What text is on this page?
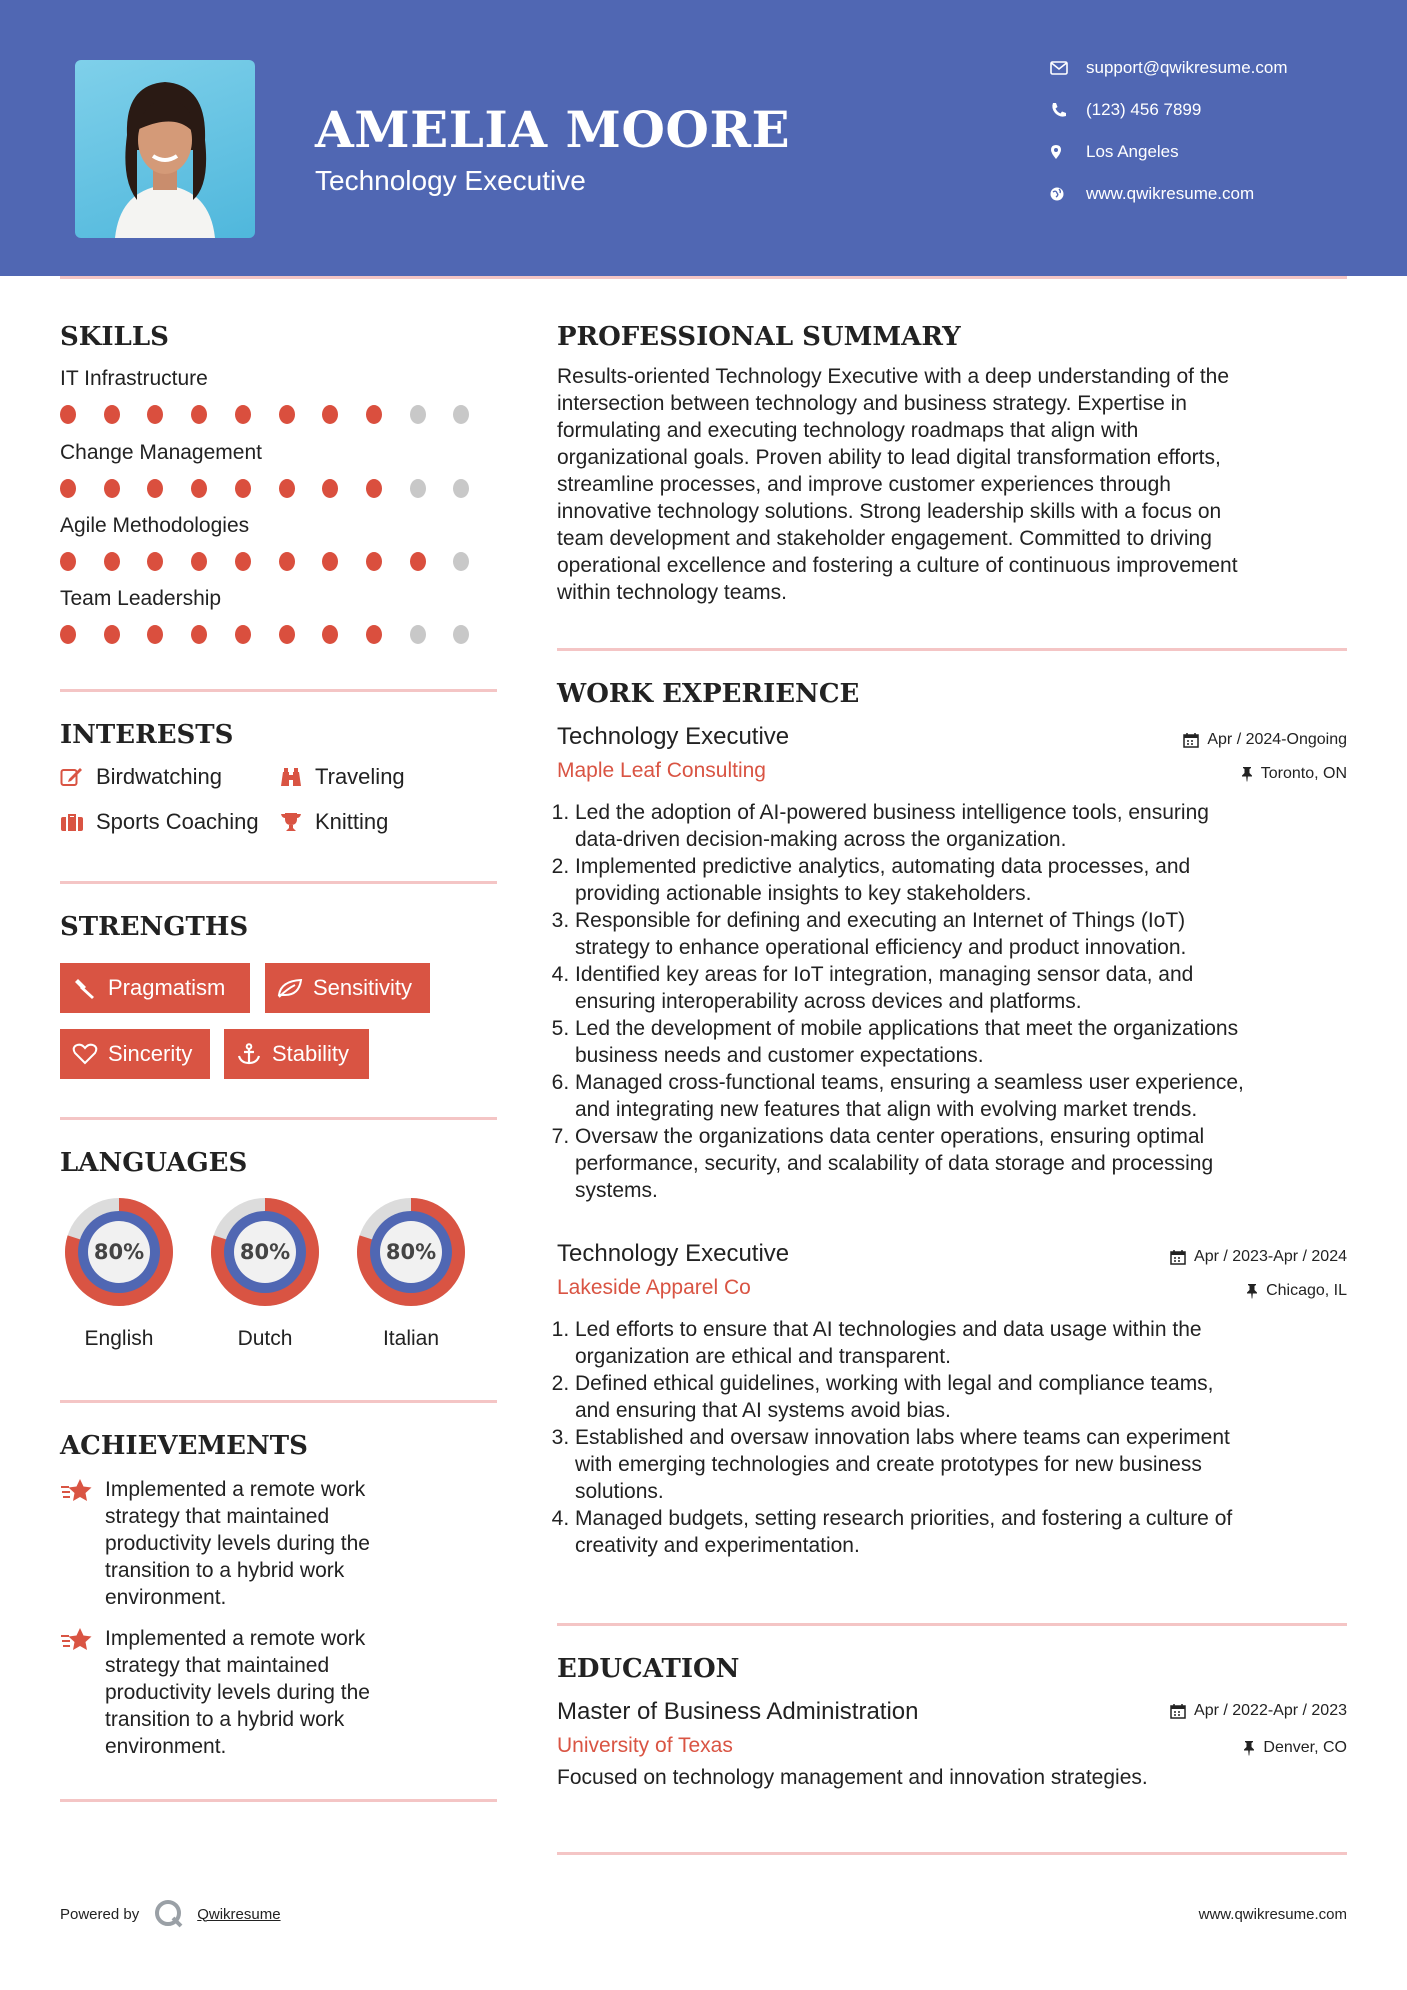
AMELIA MOORE
Technology Executive
support@qwikresume.com
(123) 456 7899
Los Angeles
www.qwikresume.com
SKILLS
IT Infrastructure
Change Management
Agile Methodologies
Team Leadership
INTERESTS
Birdwatching	Traveling
Sports Coaching	Knitting
STRENGTHS
Pragmatism	Sensitivity
Sincerity	Stability
LANGUAGES
80%
English
80%
Dutch
80%
Italian
ACHIEVEMENTS
Implemented a remote work
strategy that maintained
productivity levels during the
transition to a hybrid work
environment.
Implemented a remote work
strategy that maintained
productivity levels during the
transition to a hybrid work
environment.
PROFESSIONAL SUMMARY
Results-oriented Technology Executive with a deep understanding of the
intersection between technology and business strategy. Expertise in
formulating and executing technology roadmaps that align with
organizational goals. Proven ability to lead digital transformation efforts,
streamline processes, and improve customer experiences through
innovative technology solutions. Strong leadership skills with a focus on
team development and stakeholder engagement. Committed to driving
operational excellence and fostering a culture of continuous improvement
within technology teams.
WORK EXPERIENCE
Technology Executive	Apr / 2024-Ongoing
Maple Leaf Consulting	Toronto, ON
1. Led the adoption of AI-powered business intelligence tools, ensuring
data-driven decision-making across the organization.
2. Implemented predictive analytics, automating data processes, and
providing actionable insights to key stakeholders.
3. Responsible for defining and executing an Internet of Things (IoT)
strategy to enhance operational efficiency and product innovation.
4. Identified key areas for IoT integration, managing sensor data, and
ensuring interoperability across devices and platforms.
5. Led the development of mobile applications that meet the organizations
business needs and customer expectations.
6. Managed cross-functional teams, ensuring a seamless user experience,
and integrating new features that align with evolving market trends.
7. Oversaw the organizations data center operations, ensuring optimal
performance, security, and scalability of data storage and processing
systems.
Technology Executive	Apr / 2023-Apr / 2024
Lakeside Apparel Co	Chicago, IL
1. Led efforts to ensure that AI technologies and data usage within the
organization are ethical and transparent.
2. Defined ethical guidelines, working with legal and compliance teams,
and ensuring that AI systems avoid bias.
3. Established and oversaw innovation labs where teams can experiment
with emerging technologies and create prototypes for new business
solutions.
4. Managed budgets, setting research priorities, and fostering a culture of
creativity and experimentation.
EDUCATION
Master of Business Administration	Apr / 2022-Apr / 2023
University of Texas	Denver, CO
Focused on technology management and innovation strategies.
Powered by	Qwikresume	www.qwikresume.com
